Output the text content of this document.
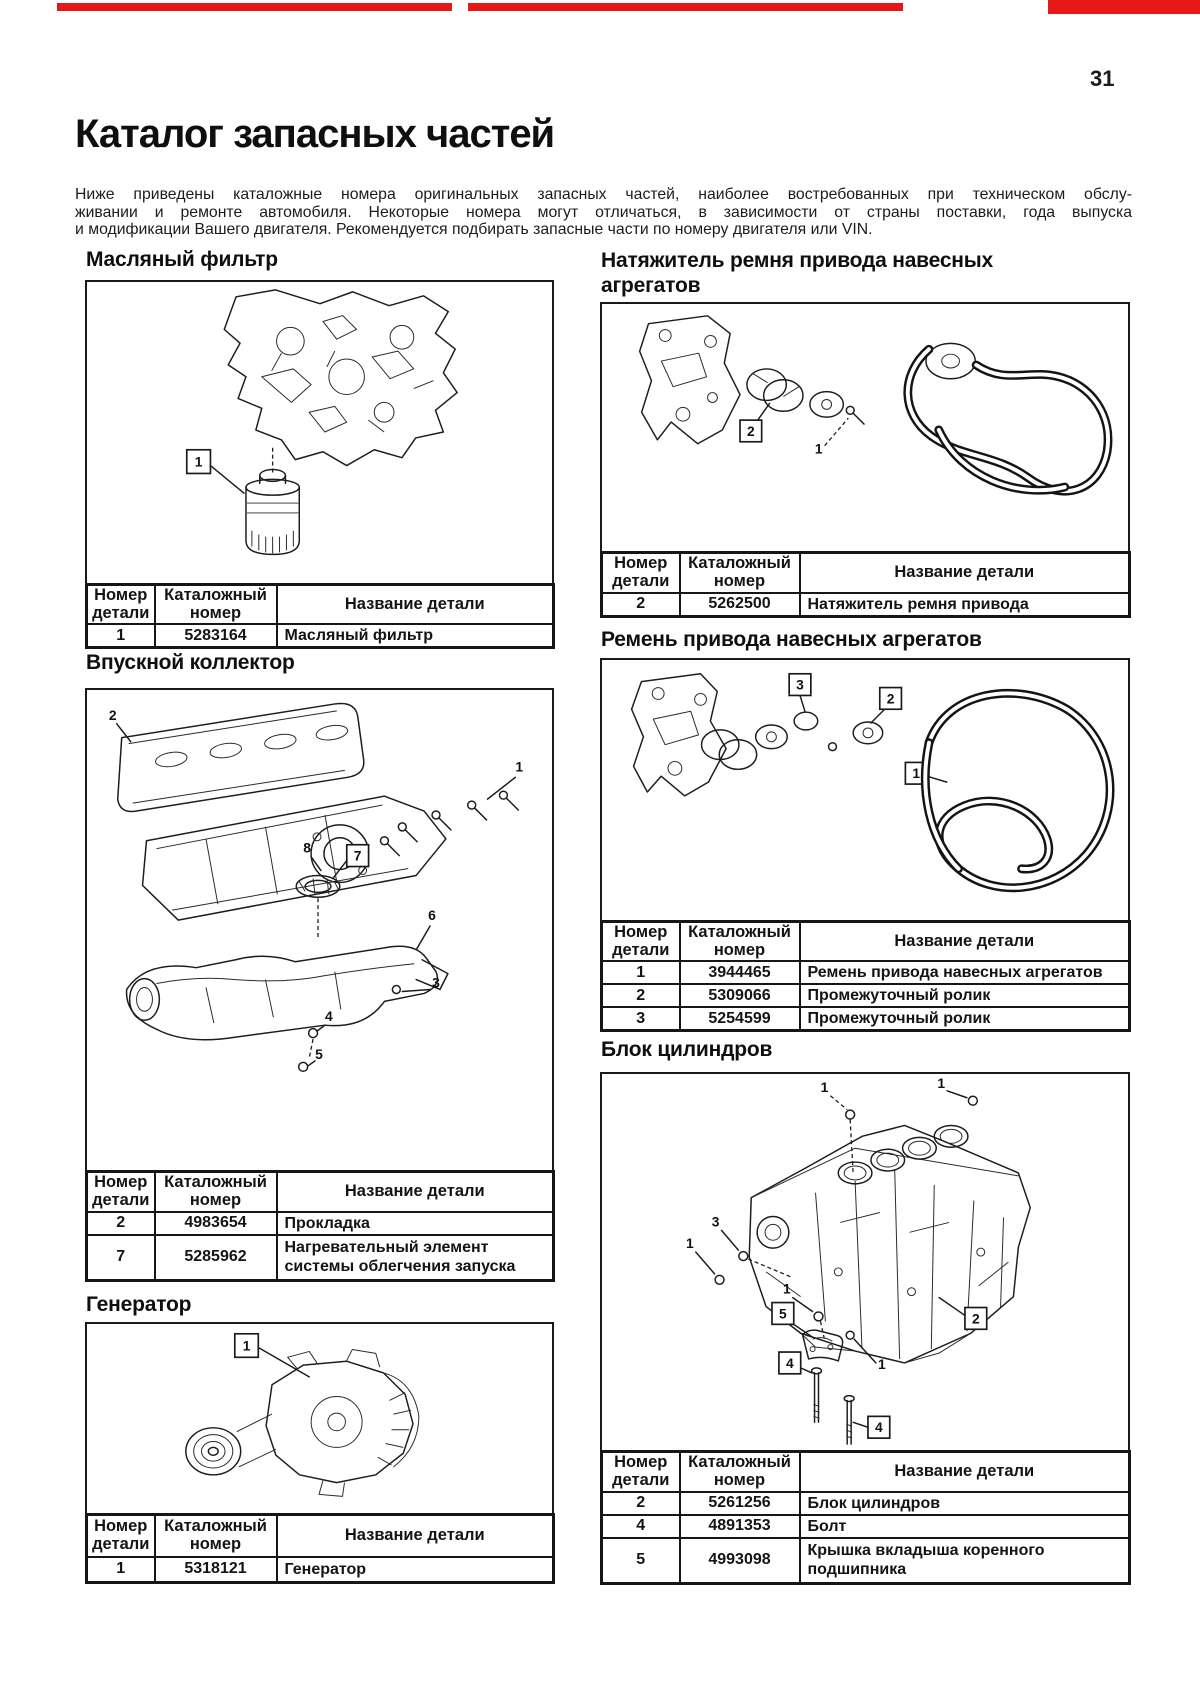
31
Каталог запасных частей
Ниже приведены каталожные номера оригинальных запасных частей, наиболее востребованных при техническом обслу-
живании и ремонте автомобиля. Некоторые номера могут отличаться, в зависимости от страны поставки, года выпуска
и модификации Вашего двигателя. Рекомендуется подбирать запасные части по номеру двигателя или VIN.
Масляный фильтр
1
Номер детали	Каталожный номер	Название детали
1	5283164	Масляный фильтр
Впускной коллектор
2
1
8	7
6
3
4
5
Номер детали	Каталожный номер	Название детали
2	4983654	Прокладка
7	5285962	Нагревательный элемент системы облегчения запуска
Генератор
1
Номер детали	Каталожный номер	Название детали
1	5318121	Генератор
Натяжитель ремня привода навесных агрегатов
2
1
Номер детали	Каталожный номер	Название детали
2	5262500	Натяжитель ремня привода
Ремень привода навесных агрегатов
3
2
1
Номер детали	Каталожный номер	Название детали
1	3944465	Ремень привода навесных агрегатов
2	5309066	Промежуточный ролик
3	5254599	Промежуточный ролик
Блок цилиндров
1	1
3
1
1
5
1
2
4
4
Номер детали	Каталожный номер	Название детали
2	5261256	Блок цилиндров
4	4891353	Болт
5	4993098	Крышка вкладыша коренного подшипника
